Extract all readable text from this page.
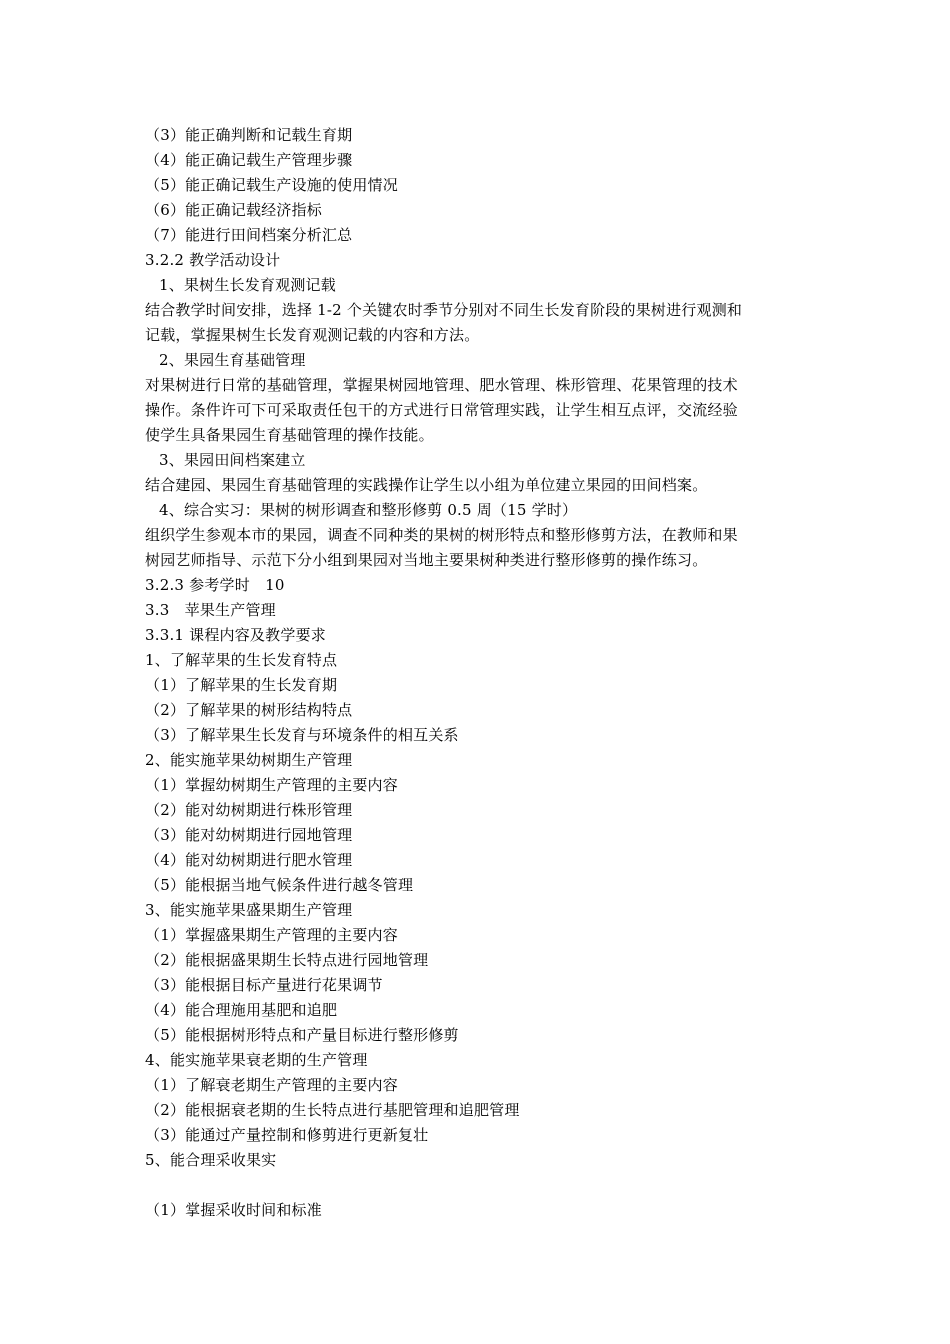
（3）能正确判断和记载生育期
（4）能正确记载生产管理步骤
（5）能正确记载生产设施的使用情况
（6）能正确记载经济指标
（7）能进行田间档案分析汇总
3.2.2 教学活动设计
1、果树生长发育观测记载
结合教学时间安排，选择 1-2 个关键农时季节分别对不同生长发育阶段的果树进行观测和
记载，掌握果树生长发育观测记载的内容和方法。
2、果园生育基础管理
对果树进行日常的基础管理，掌握果树园地管理、肥水管理、株形管理、花果管理的技术
操作。条件许可下可采取责任包干的方式进行日常管理实践，让学生相互点评，交流经验
使学生具备果园生育基础管理的操作技能。
3、果园田间档案建立
结合建园、果园生育基础管理的实践操作让学生以小组为单位建立果园的田间档案。
4、综合实习：果树的树形调查和整形修剪 0.5 周（15 学时）
组织学生参观本市的果园，调查不同种类的果树的树形特点和整形修剪方法，在教师和果
树园艺师指导、示范下分小组到果园对当地主要果树种类进行整形修剪的操作练习。
3.2.3 参考学时　10
3.3　苹果生产管理
3.3.1 课程内容及教学要求
1、了解苹果的生长发育特点
（1）了解苹果的生长发育期
（2）了解苹果的树形结构特点
（3）了解苹果生长发育与环境条件的相互关系
2、能实施苹果幼树期生产管理
（1）掌握幼树期生产管理的主要内容
（2）能对幼树期进行株形管理
（3）能对幼树期进行园地管理
（4）能对幼树期进行肥水管理
（5）能根据当地气候条件进行越冬管理
3、能实施苹果盛果期生产管理
（1）掌握盛果期生产管理的主要内容
（2）能根据盛果期生长特点进行园地管理
（3）能根据目标产量进行花果调节
（4）能合理施用基肥和追肥
（5）能根据树形特点和产量目标进行整形修剪
4、能实施苹果衰老期的生产管理
（1）了解衰老期生产管理的主要内容
（2）能根据衰老期的生长特点进行基肥管理和追肥管理
（3）能通过产量控制和修剪进行更新复壮
5、能合理采收果实
（1）掌握采收时间和标准
